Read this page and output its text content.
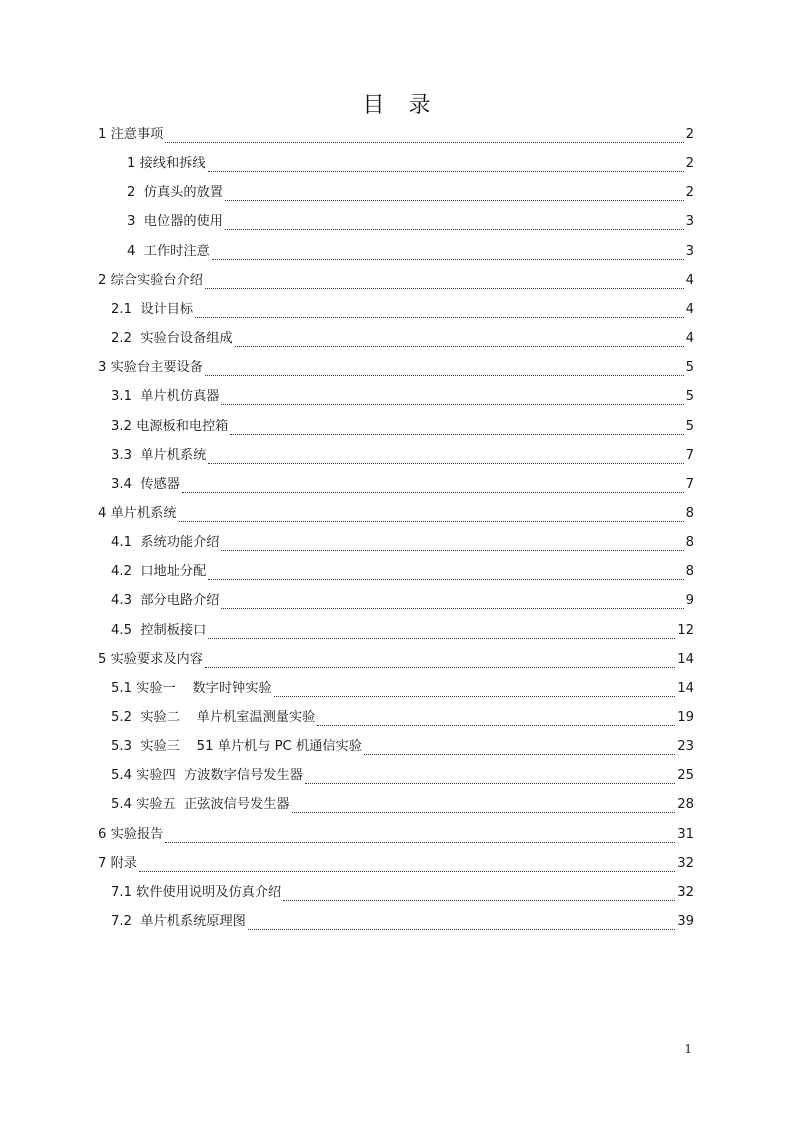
目录
1 注意事项	2
1 接线和拆线	2
2  仿真头的放置	2
3  电位器的使用	3
4  工作时注意	3
2 综合实验台介绍	4
2.1  设计目标	4
2.2  实验台设备组成	4
3 实验台主要设备	5
3.1  单片机仿真器	5
3.2 电源板和电控箱	5
3.3  单片机系统	7
3.4  传感器	7
4 单片机系统	8
4.1  系统功能介绍	8
4.2  口地址分配	8
4.3  部分电路介绍	9
4.5  控制板接口	12
5 实验要求及内容	14
5.1 实验一    数字时钟实验	14
5.2  实验二    单片机室温测量实验	19
5.3  实验三    51 单片机与 PC 机通信实验	23
5.4 实验四  方波数字信号发生器	25
5.4 实验五  正弦波信号发生器	28
6 实验报告	31
7 附录	32
7.1 软件使用说明及仿真介绍	32
7.2  单片机系统原理图	39
1
